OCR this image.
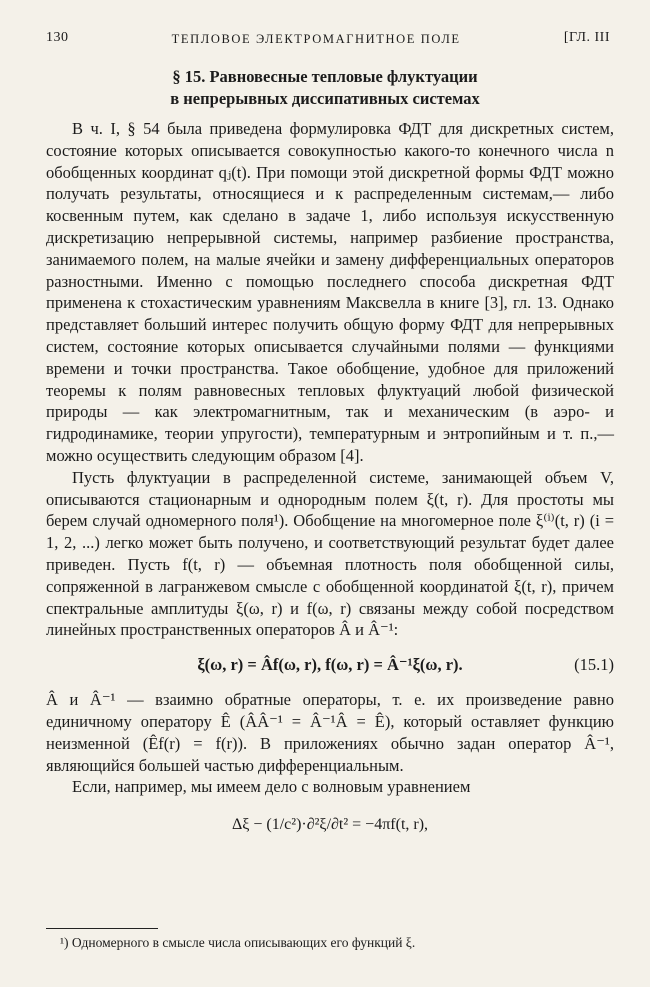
130	ТЕПЛОВОЕ ЭЛЕКТРОМАГНИТНОЕ ПОЛЕ	[ГЛ. III
§ 15. Равновесные тепловые флуктуации
в непрерывных диссипативных системах

В ч. I, § 54 была приведена формулировка ФДТ для дискретных систем, состояние которых описывается совокупностью какого-то конечного числа n обобщенных координат qⱼ(t). При помощи этой дискретной формы ФДТ можно получать результаты, относящиеся и к распределенным системам,— либо косвенным путем, как сделано в задаче 1, либо используя искусственную дискретизацию непрерывной системы, например разбиение пространства, занимаемого полем, на малые ячейки и замену дифференциальных операторов разностными. Именно с помощью последнего способа дискретная ФДТ применена к стохастическим уравнениям Максвелла в книге [3], гл. 13. Однако представляет больший интерес получить общую форму ФДТ для непрерывных систем, состояние которых описывается случайными полями — функциями времени и точки пространства. Такое обобщение, удобное для приложений теоремы к полям равновесных тепловых флуктуаций любой физической природы — как электромагнитным, так и механическим (в аэро- и гидродинамике, теории упругости), температурным и энтропийным и т. п.,— можно осуществить следующим образом [4].

Пусть флуктуации в распределенной системе, занимающей объем V, описываются стационарным и однородным полем ξ(t, r). Для простоты мы берем случай одномерного поля¹). Обобщение на многомерное поле ξ⁽ⁱ⁾(t, r) (i = 1, 2, ...) легко может быть получено, и соответствующий результат будет далее приведен. Пусть f(t, r) — объемная плотность поля обобщенной силы, сопряженной в лагранжевом смысле с обобщенной координатой ξ(t, r), причем спектральные амплитуды ξ(ω, r) и f(ω, r) связаны между собой посредством линейных пространственных операторов Â и Â⁻¹:

ξ(ω, r) = Âf(ω, r), f(ω, r) = Â⁻¹ξ(ω, r).	(15.1)

Â и Â⁻¹ — взаимно обратные операторы, т. е. их произведение равно единичному оператору Ê (ÂÂ⁻¹ = Â⁻¹Â = Ê), который оставляет функцию неизменной (Êf(r) = f(r)). В приложениях обычно задан оператор Â⁻¹, являющийся большей частью дифференциальным.

Если, например, мы имеем дело с волновым уравнением

Δξ − (1/c²)·∂²ξ/∂t² = −4πf(t, r),
¹) Одномерного в смысле числа описывающих его функций ξ.
